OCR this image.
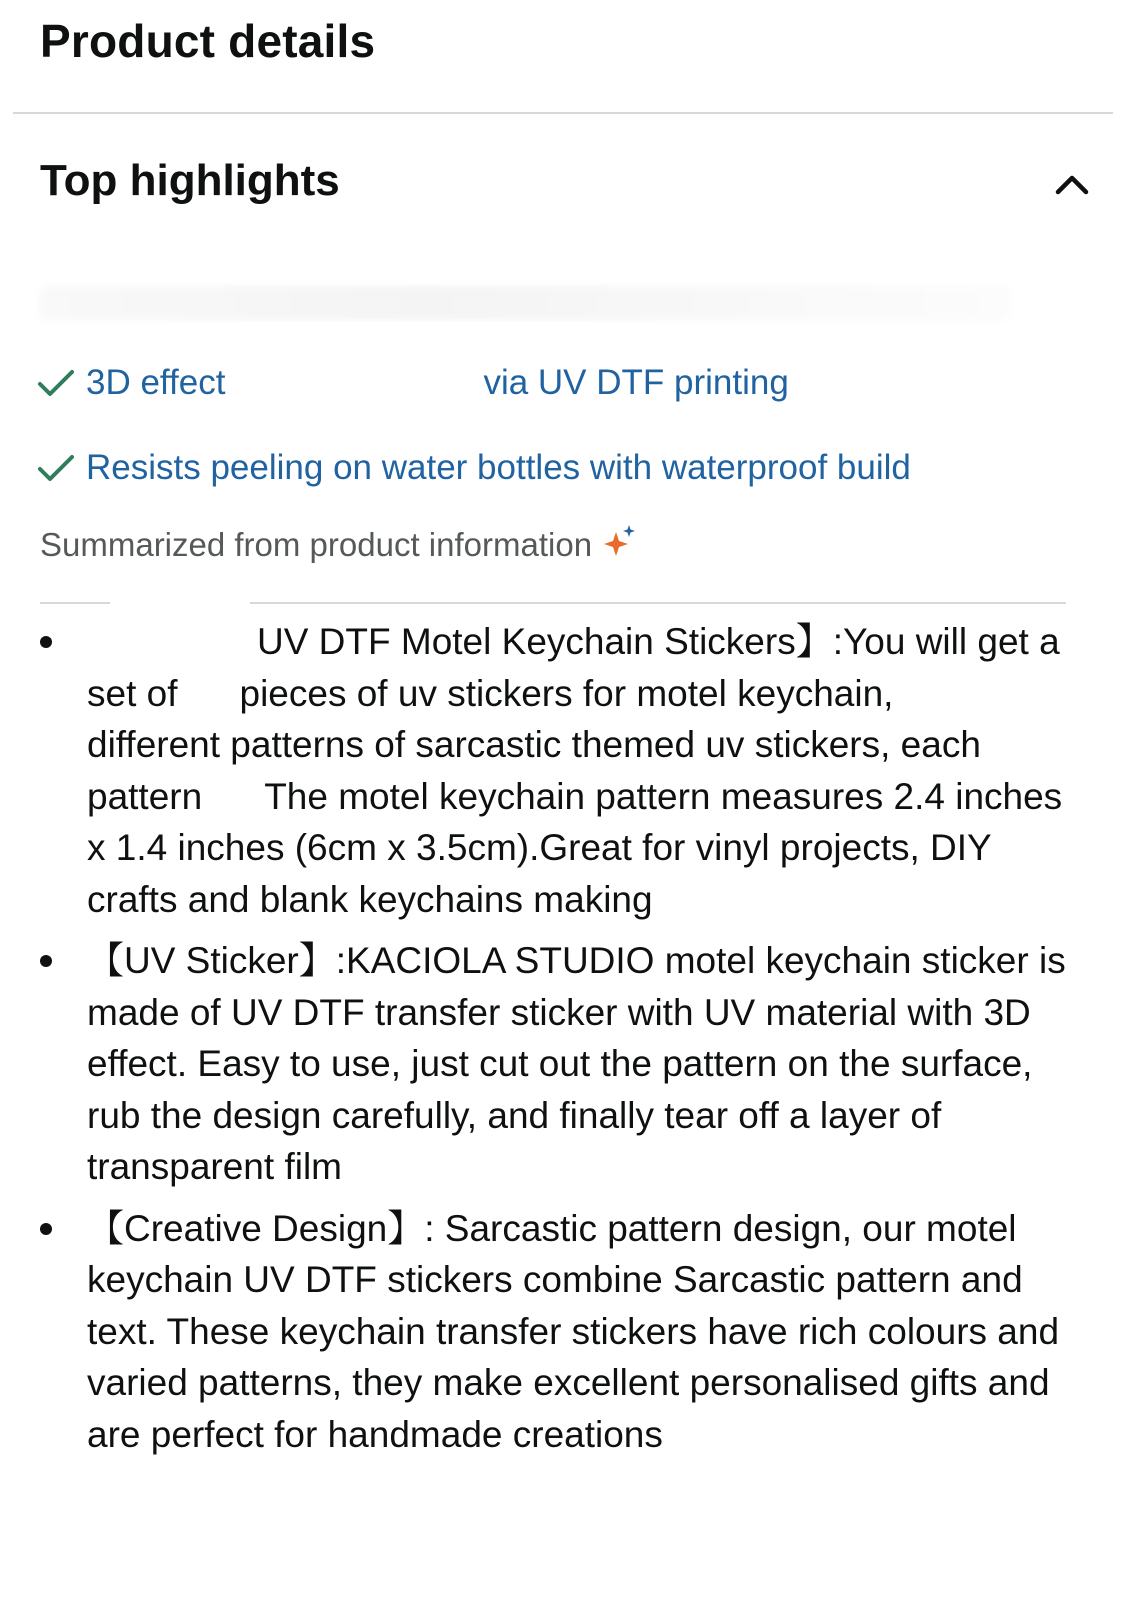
Product details
Top highlights
3D effect	via UV DTF printing
Resists peeling on water bottles with waterproof build
Summarized from product information
UV DTF Motel Keychain Stickers】:You will get a set of pieces of uv stickers for motel keychain,different patterns of sarcastic themed uv stickers, each pattern The motel keychain pattern measures 2.4 inches x 1.4 inches (6cm x 3.5cm).Great for vinyl projects, DIY crafts and blank keychains making
【UV Sticker】:KACIOLA STUDIO motel keychain sticker is made of UV DTF transfer sticker with UV material with 3D effect. Easy to use, just cut out the pattern on the surface, rub the design carefully, and finally tear off a layer of transparent film
【Creative Design】: Sarcastic pattern design, our motel keychain UV DTF stickers combine Sarcastic pattern and text. These keychain transfer stickers have rich colours and varied patterns, they make excellent personalised gifts and are perfect for handmade creations
